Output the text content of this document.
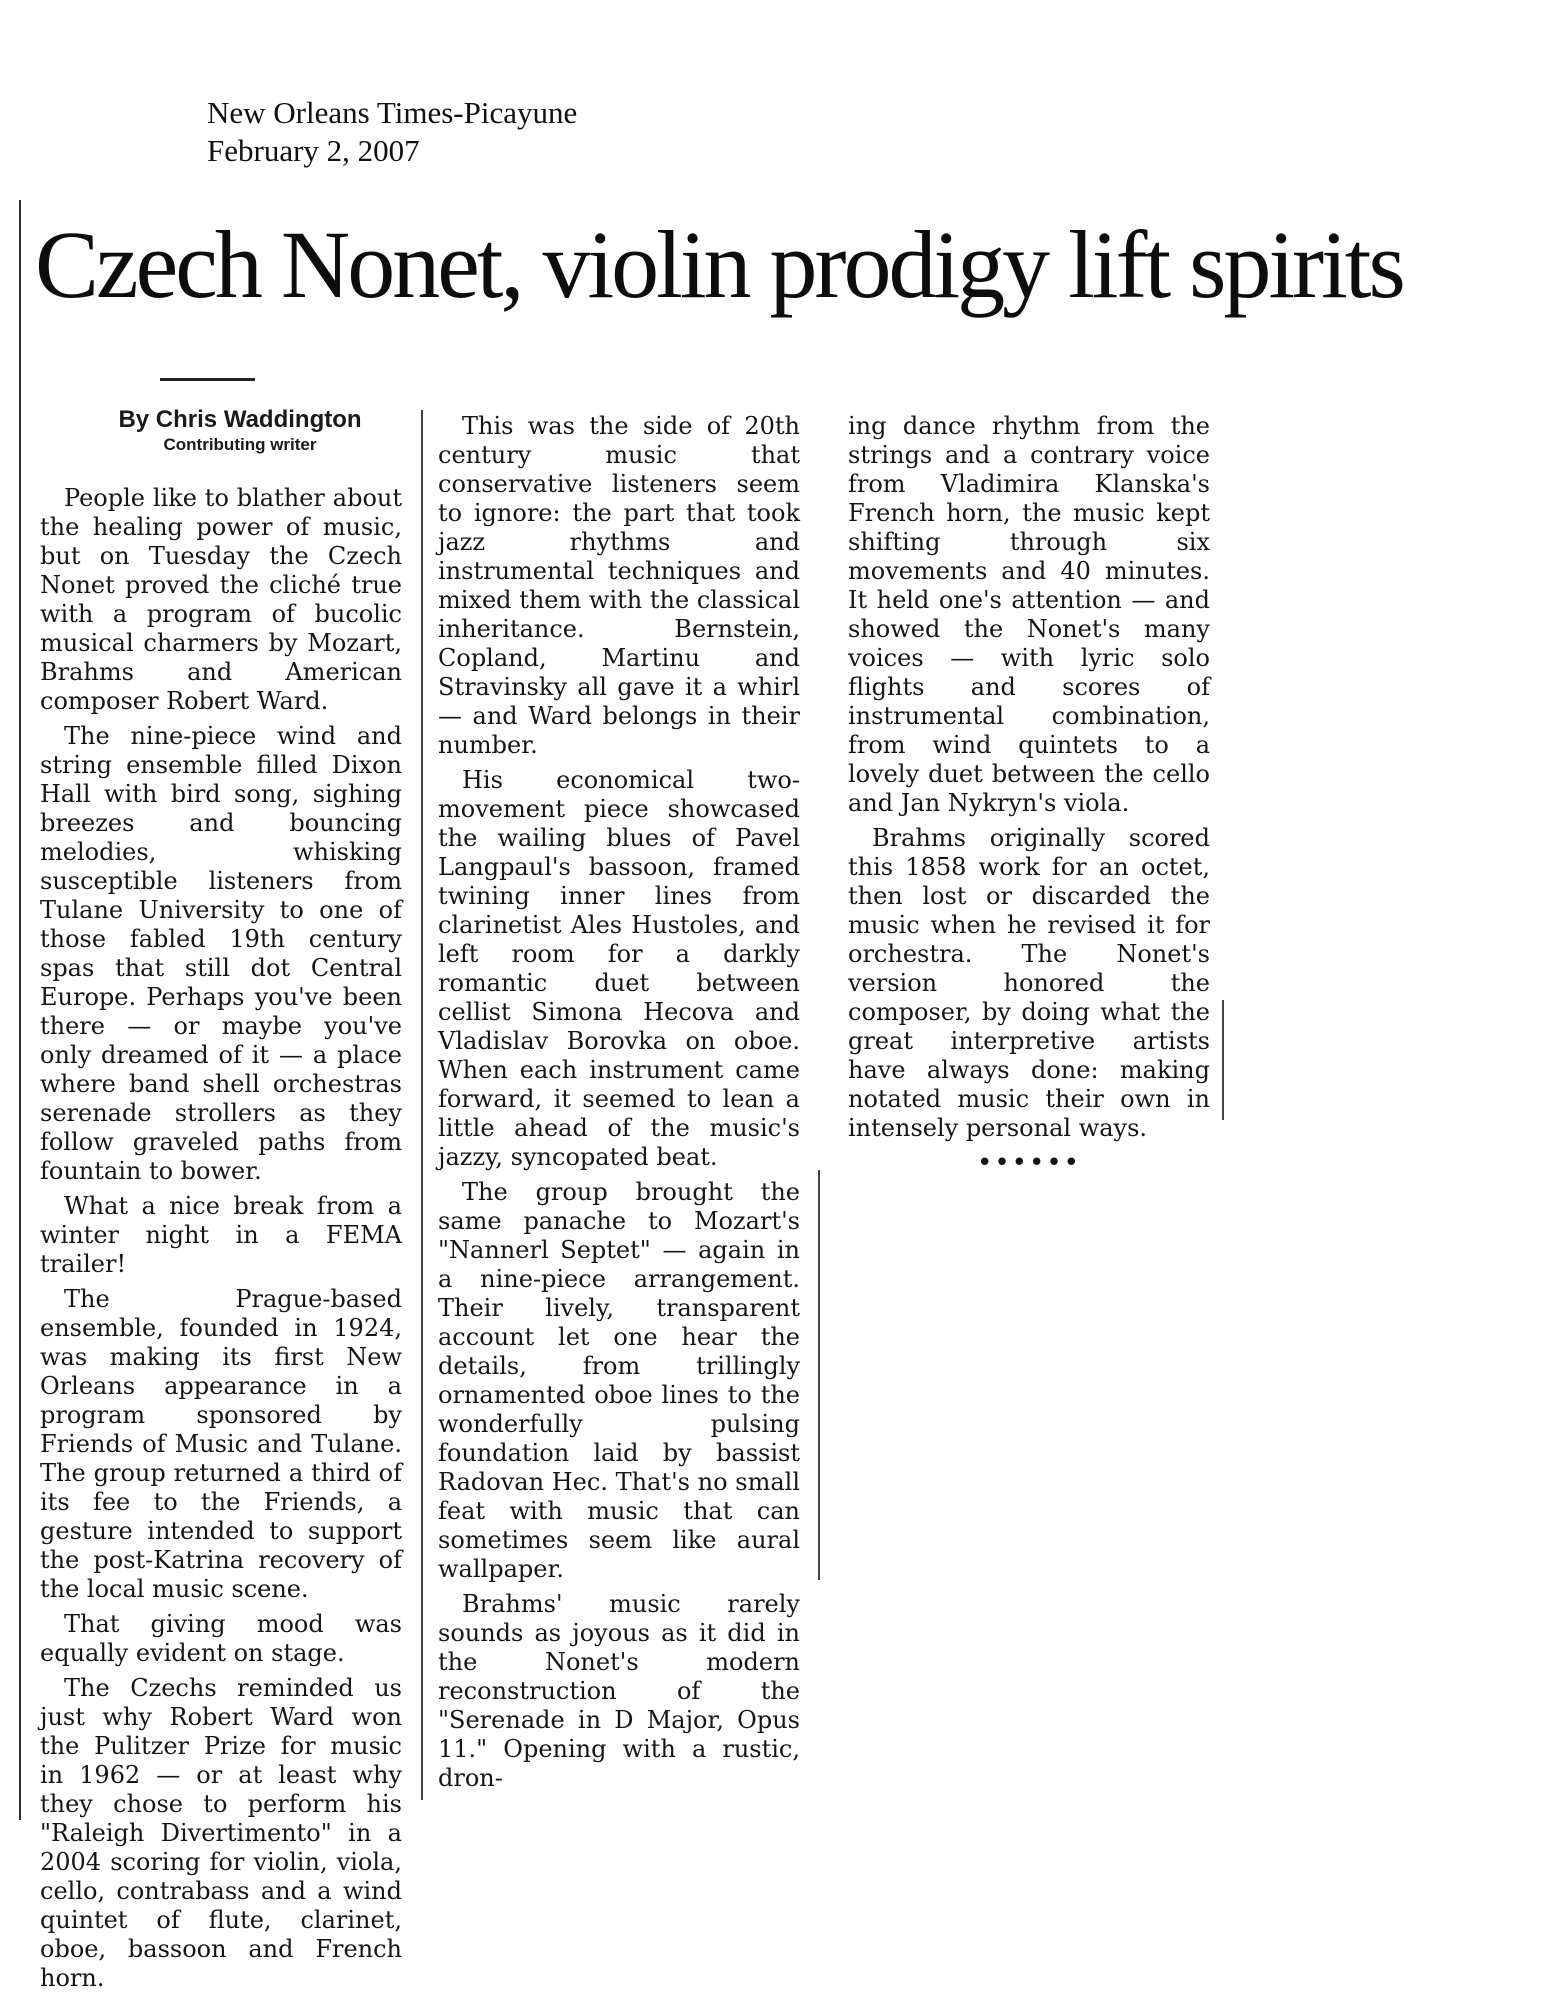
New Orleans Times-Picayune
February 2, 2007
Czech Nonet, violin prodigy lift spirits
By Chris Waddington
Contributing writer

People like to blather about the healing power of music, but on Tuesday the Czech Nonet proved the cliché true with a program of bucolic musical charmers by Mozart, Brahms and American composer Robert Ward.

The nine-piece wind and string ensemble filled Dixon Hall with bird song, sighing breezes and bouncing melodies, whisking susceptible listeners from Tulane University to one of those fabled 19th century spas that still dot Central Europe. Perhaps you've been there — or maybe you've only dreamed of it — a place where band shell orchestras serenade strollers as they follow graveled paths from fountain to bower.

What a nice break from a winter night in a FEMA trailer!

The Prague-based ensemble, founded in 1924, was making its first New Orleans appearance in a program sponsored by Friends of Music and Tulane. The group returned a third of its fee to the Friends, a gesture intended to support the post-Katrina recovery of the local music scene.

That giving mood was equally evident on stage.

The Czechs reminded us just why Robert Ward won the Pulitzer Prize for music in 1962 — or at least why they chose to perform his "Raleigh Divertimento" in a 2004 scoring for violin, viola, cello, contrabass and a wind quintet of flute, clarinet, oboe, bassoon and French horn.

This was the side of 20th century music that conservative listeners seem to ignore: the part that took jazz rhythms and instrumental techniques and mixed them with the classical inheritance. Bernstein, Copland, Martinu and Stravinsky all gave it a whirl — and Ward belongs in their number.

His economical two-movement piece showcased the wailing blues of Pavel Langpaul's bassoon, framed twining inner lines from clarinetist Ales Hustoles, and left room for a darkly romantic duet between cellist Simona Hecova and Vladislav Borovka on oboe. When each instrument came forward, it seemed to lean a little ahead of the music's jazzy, syncopated beat.

The group brought the same panache to Mozart's "Nannerl Septet" — again in a nine-piece arrangement. Their lively, transparent account let one hear the details, from trillingly ornamented oboe lines to the wonderfully pulsing foundation laid by bassist Radovan Hec. That's no small feat with music that can sometimes seem like aural wallpaper.

Brahms' music rarely sounds as joyous as it did in the Nonet's modern reconstruction of the "Serenade in D Major, Opus 11." Opening with a rustic, dron-

ing dance rhythm from the strings and a contrary voice from Vladimira Klanska's French horn, the music kept shifting through six movements and 40 minutes. It held one's attention — and showed the Nonet's many voices — with lyric solo flights and scores of instrumental combination, from wind quintets to a lovely duet between the cello and Jan Nykryn's viola.

Brahms originally scored this 1858 work for an octet, then lost or discarded the music when he revised it for orchestra. The Nonet's version honored the composer, by doing what the great interpretive artists have always done: making notated music their own in intensely personal ways.

••••••
